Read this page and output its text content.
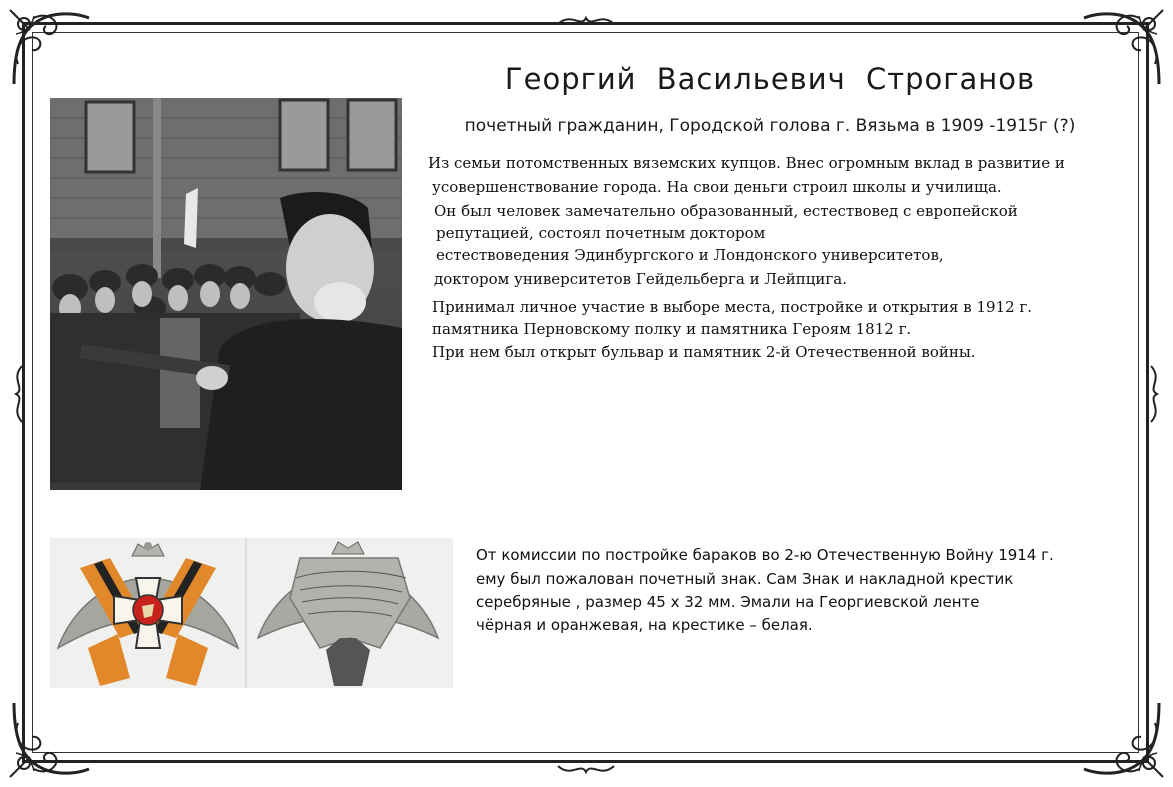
Георгий Васильевич Строганов
почетный гражданин, Городской голова г. Вязьма в 1909 -1915г (?)
Из семьи потомственных вяземских купцов. Внес огромным вклад в развитие и
усовершенствование города. На свои деньги строил школы и училища.
Он был человек замечательно образованный, естествовед с европейской
репутацией, состоял почетным доктором
естествоведения Эдинбургского и Лондонского университетов,
доктором университетов Гейдельберга и Лейпцига.
Принимал личное участие в выборе места, постройке и открытия в 1912 г.
памятника Перновскому полку и памятника Героям 1812 г.
При нем был открыт бульвар и памятник 2-й Отечественной войны.
От комиссии по постройке бараков во 2-ю Отечественную Войну 1914 г.
ему был пожалован почетный знак. Сам Знак и накладной крестик
серебряные , размер 45 х 32 мм. Эмали на Георгиевской ленте
чёрная и оранжевая, на крестике – белая.
